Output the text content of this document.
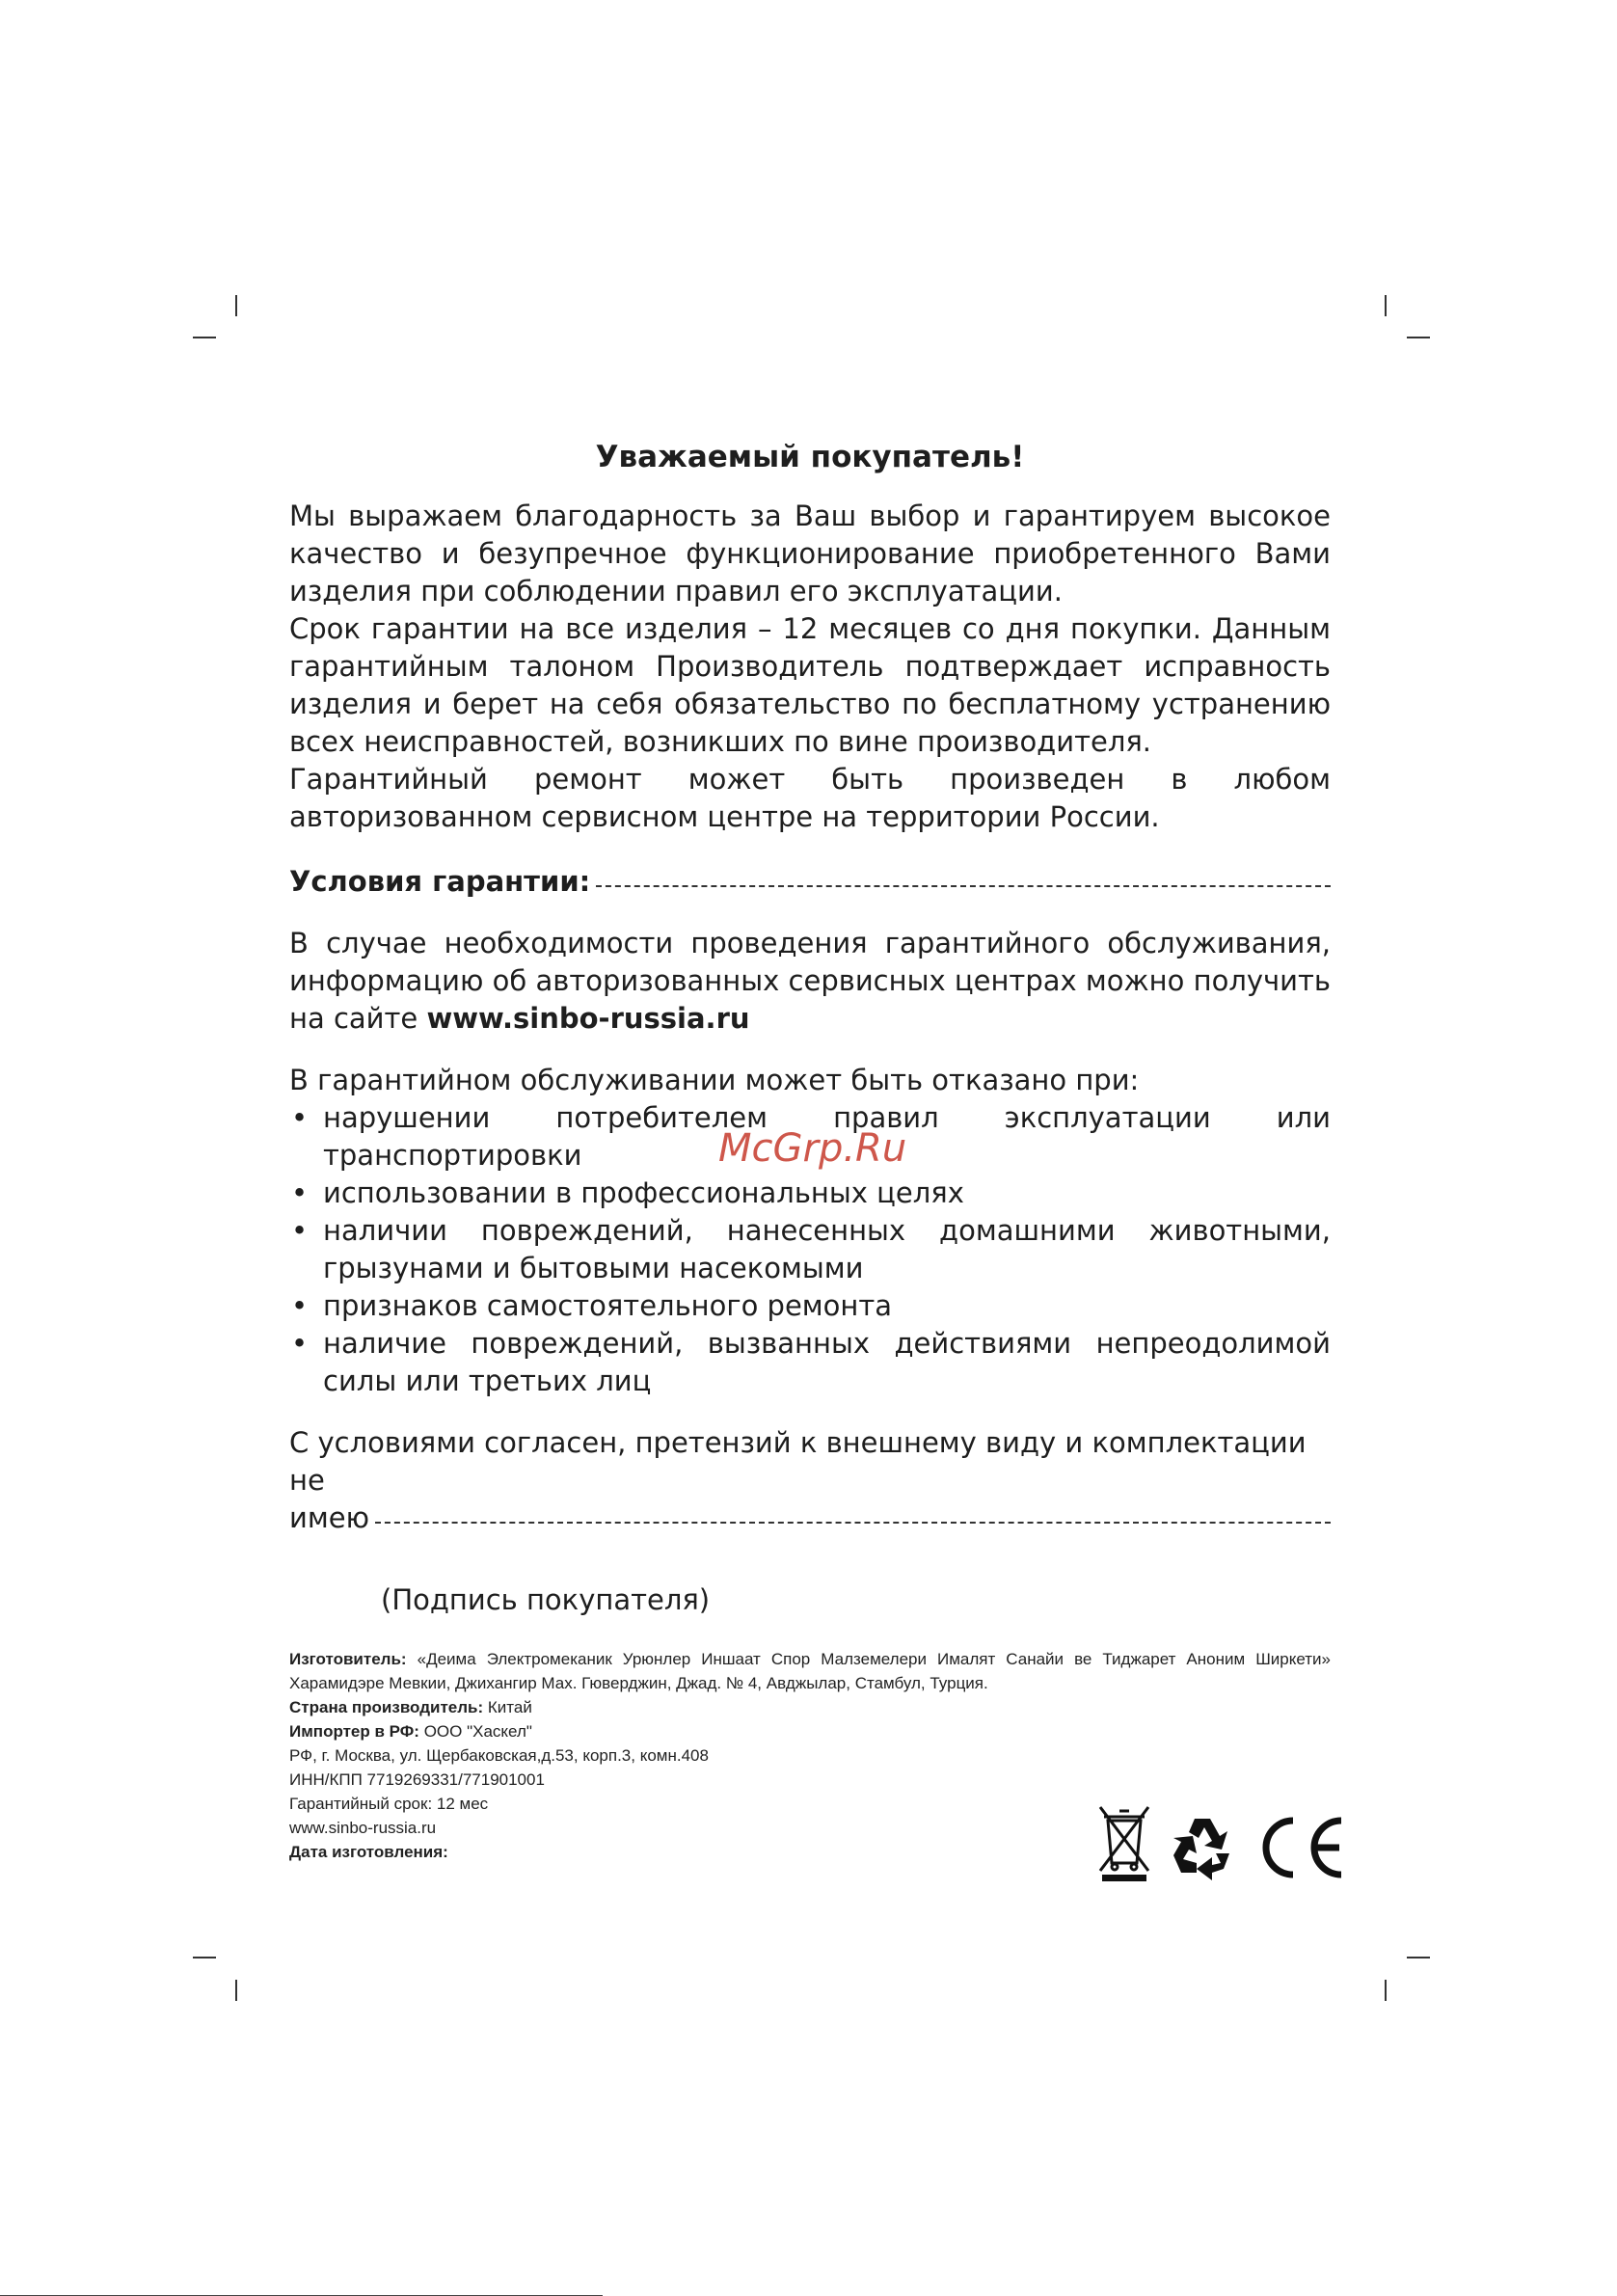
Уважаемый покупатель!

Мы выражаем благодарность за Ваш выбор и гарантируем высокое качество и безупречное функционирование приобретенного Вами изделия при соблюдении правил его эксплуатации.

Срок гарантии на все изделия – 12 месяцев со дня покупки. Данным гарантийным талоном Производитель подтверждает исправность изделия и берет на себя обязательство по бесплатному устранению всех неисправностей, возникших по вине производителя.

Гарантийный ремонт может быть произведен в любом авторизованном сервисном центре на территории России.

Условия гарантии:

В случае необходимости проведения гарантийного обслуживания, информацию об авторизованных сервисных центрах можно получить на сайте www.sinbo-russia.ru

В гарантийном обслуживании может быть отказано при:
• нарушении потребителем правил эксплуатации или транспортировки
• использовании в профессиональных целях
• наличии повреждений, нанесенных домашними животными, грызунами и бытовыми насекомыми
• признаков самостоятельного ремонта
• наличие повреждений, вызванных действиями непреодолимой силы или третьих лиц
С условиями согласен, претензий к внешнему виду и комплектации не
имею
(Подпись покупателя)
McGrp.Ru

Изготовитель: «Деима Электромеканик Урюнлер Иншаат Спор Малземелери Ималят Санайи ве Тиджарет Аноним Ширкети» Харамидэре Мевкии, Джихангир Мах. Гюверджин, Джад. № 4, Авджылар, Стамбул, Турция.

Страна производитель: Китай

Импортер в РФ: ООО "Хаскел"

РФ, г. Москва, ул. Щербаковская,д.53, корп.3, комн.408

ИНН/КПП 7719269331/771901001

Гарантийный срок: 12 мес

www.sinbo-russia.ru

Дата изготовления:
